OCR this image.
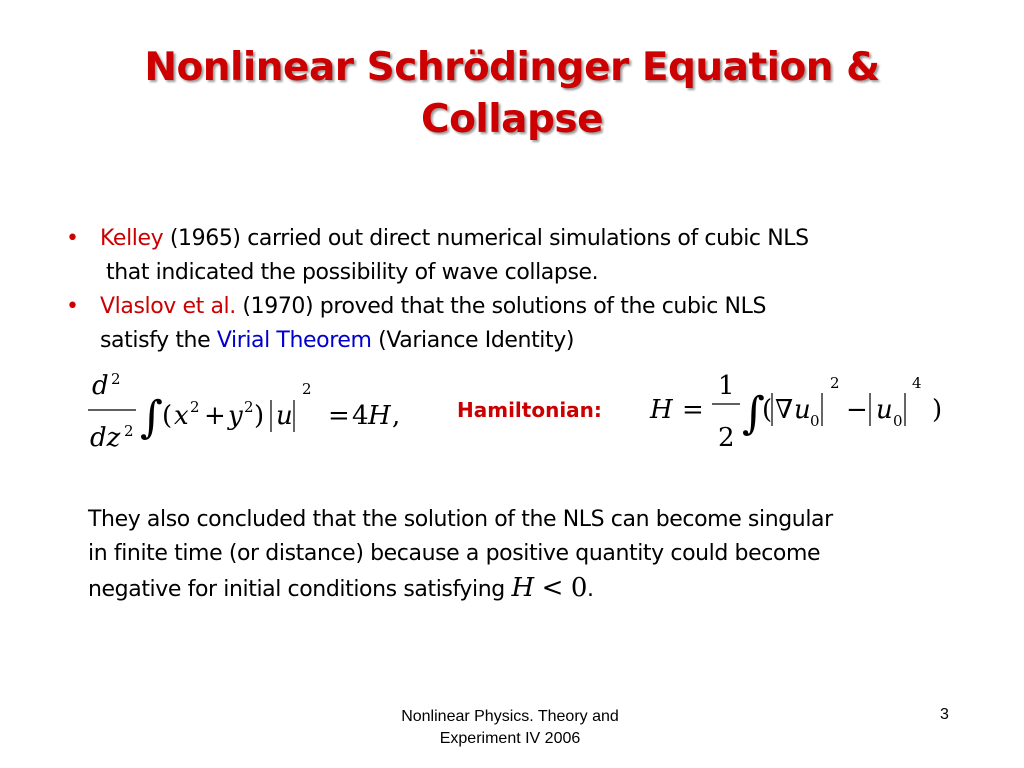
Nonlinear Schrödinger Equation &
Collapse
• Kelley (1965) carried out direct numerical simulations of cubic NLS
that indicated the possibility of wave collapse.
• Vlaslov et al. (1970) proved that the solutions of the cubic NLS
satisfy the Virial Theorem (Variance Identity)
d 2
dz 2 ∫ ( x 2 + y 2 ) u
2
= 4 H ,	Hamiltonian: H =
1
2 ∫
( ∇ u 0
2
− u 0
4
)
They also concluded that the solution of the NLS can become singular
in finite time (or distance) because a positive quantity could become
negative for initial conditions satisfying H < 0.
Nonlinear Physics. Theory and
Experiment IV 2006
3
